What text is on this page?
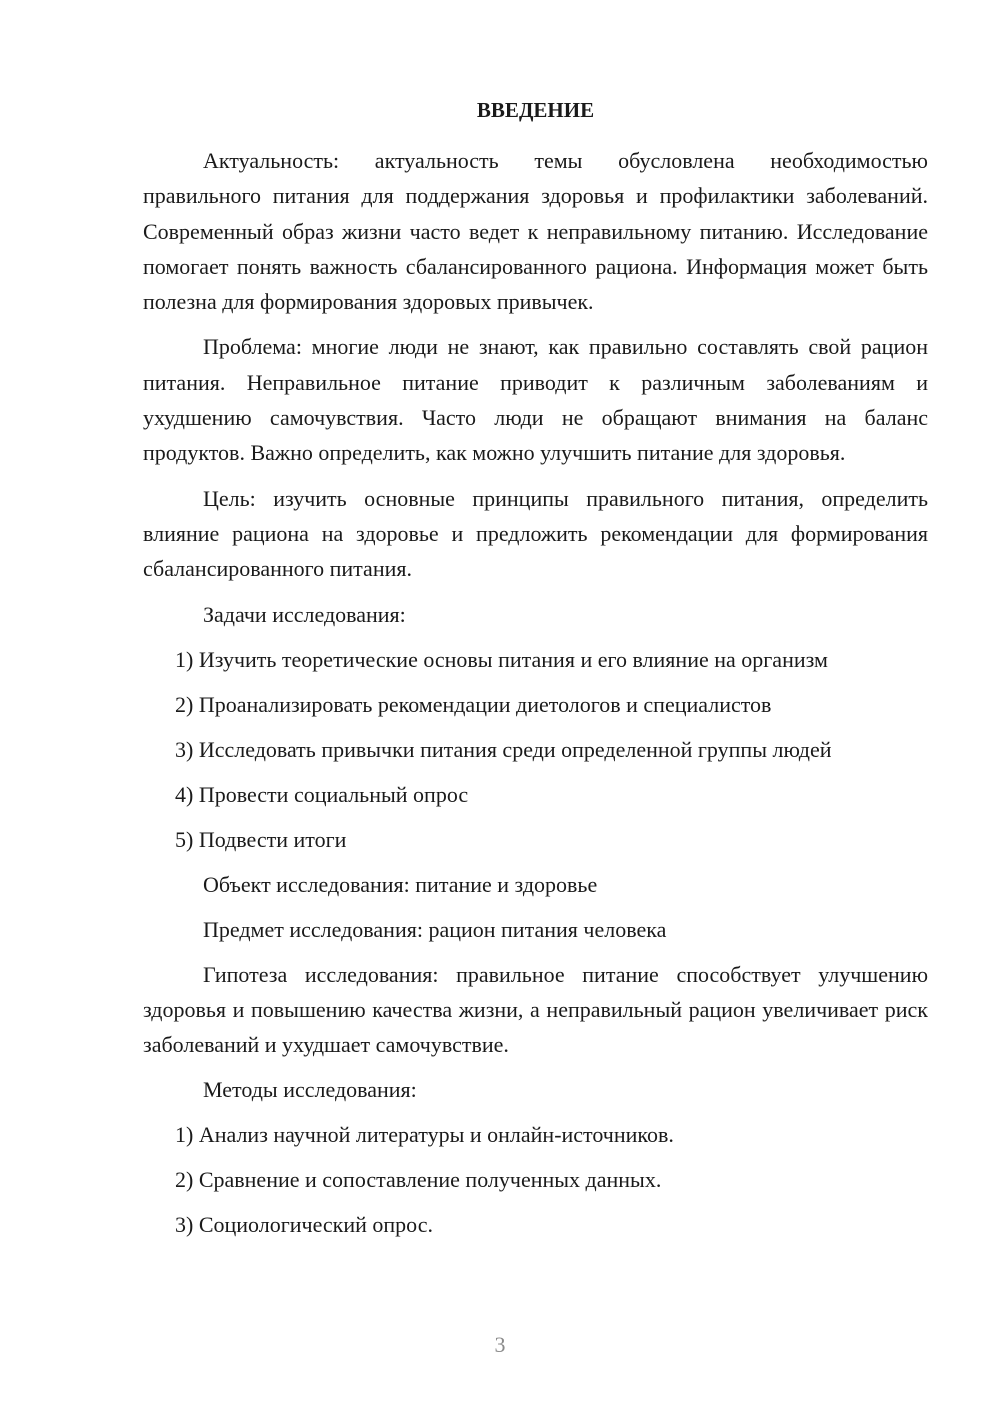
ВВЕДЕНИЕ

Актуальность: актуальность темы обусловлена необходимостью правильного питания для поддержания здоровья и профилактики заболеваний. Современный образ жизни часто ведет к неправильному питанию. Исследование помогает понять важность сбалансированного рациона. Информация может быть полезна для формирования здоровых привычек.

Проблема: многие люди не знают, как правильно составлять свой рацион питания. Неправильное питание приводит к различным заболеваниям и ухудшению самочувствия. Часто люди не обращают внимания на баланс продуктов. Важно определить, как можно улучшить питание для здоровья.

Цель: изучить основные принципы правильного питания, определить влияние рациона на здоровье и предложить рекомендации для формирования сбалансированного питания.

Задачи исследования:

1) Изучить теоретические основы питания и его влияние на организм
2) Проанализировать рекомендации диетологов и специалистов
3) Исследовать привычки питания среди определенной группы людей
4) Провести социальный опрос
5) Подвести итоги

Объект исследования: питание и здоровье

Предмет исследования: рацион питания человека

Гипотеза исследования: правильное питание способствует улучшению здоровья и повышению качества жизни, а неправильный рацион увеличивает риск заболеваний и ухудшает самочувствие.

Методы исследования:

1) Анализ научной литературы и онлайн-источников.
2) Сравнение и сопоставление полученных данных.
3) Социологический опрос.
3
